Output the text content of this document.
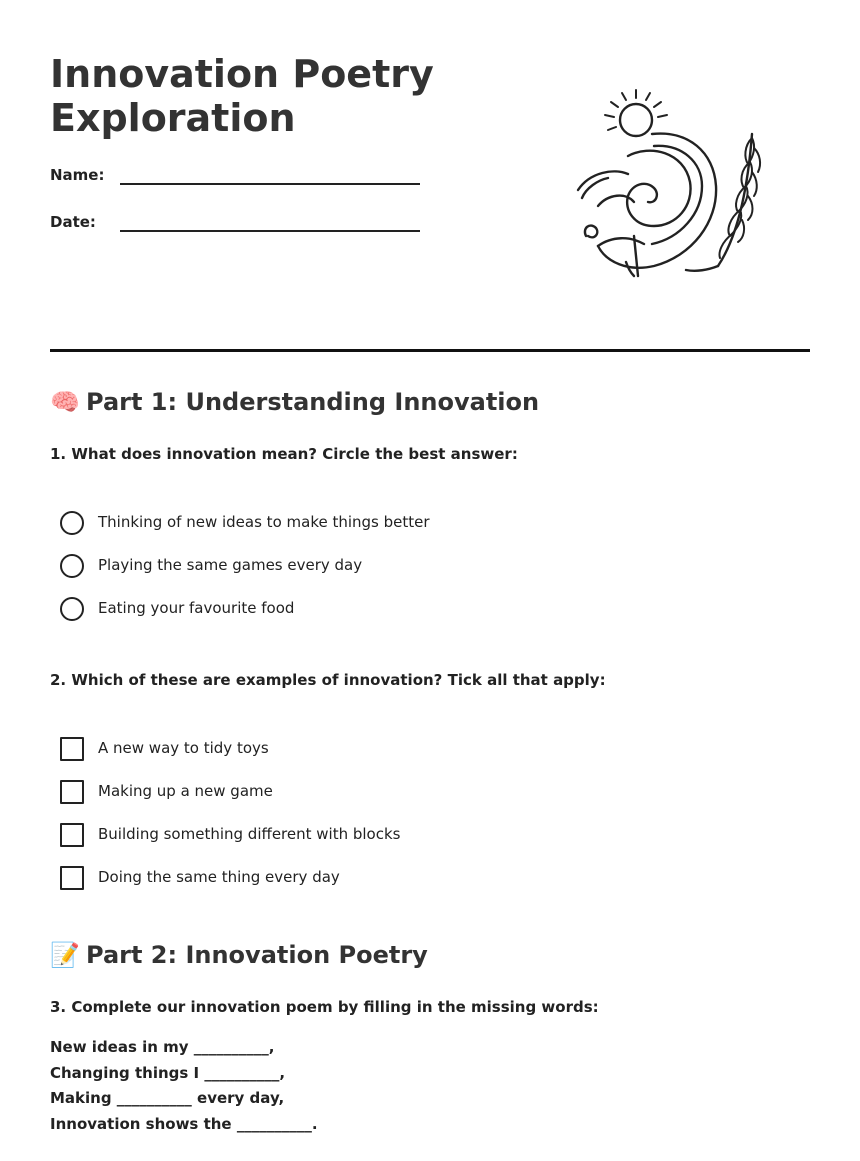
Innovation Poetry Exploration
Name:
Date:
🧠 Part 1: Understanding Innovation

1. What does innovation mean? Circle the best answer:

Thinking of new ideas to make things better
Playing the same games every day
Eating your favourite food

2. Which of these are examples of innovation? Tick all that apply:

A new way to tidy toys
Making up a new game
Building something different with blocks
Doing the same thing every day
📝 Part 2: Innovation Poetry

3. Complete our innovation poem by filling in the missing words:

New ideas in my __________,
Changing things I __________,
Making __________ every day,
Innovation shows the __________.
